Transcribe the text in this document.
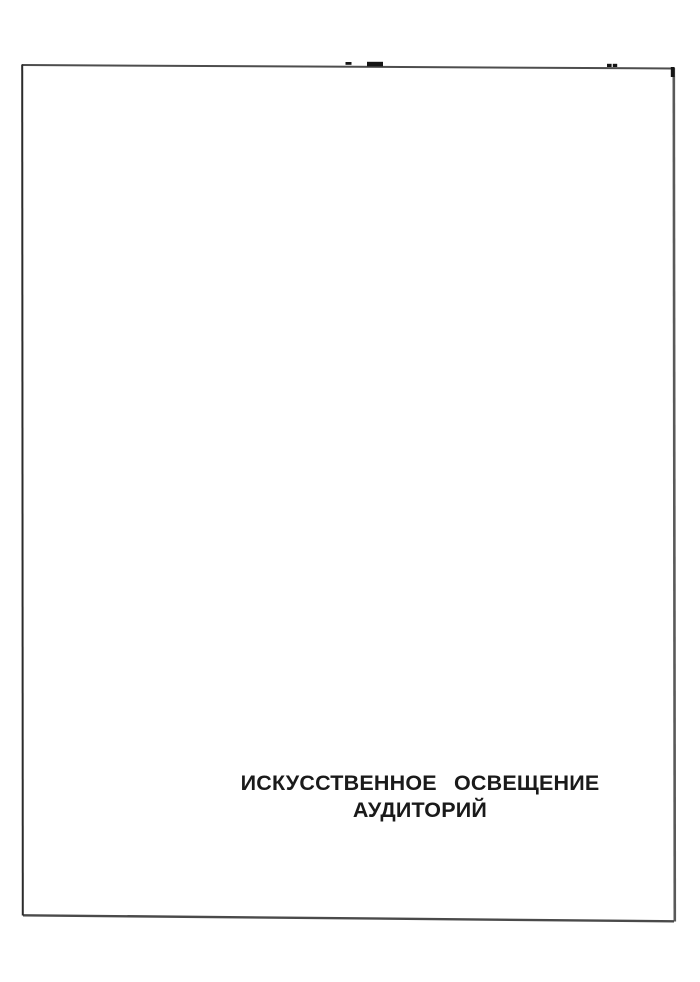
ИСКУССТВЕННОЕ  ОСВЕЩЕНИЕ
АУДИТОРИЙ
